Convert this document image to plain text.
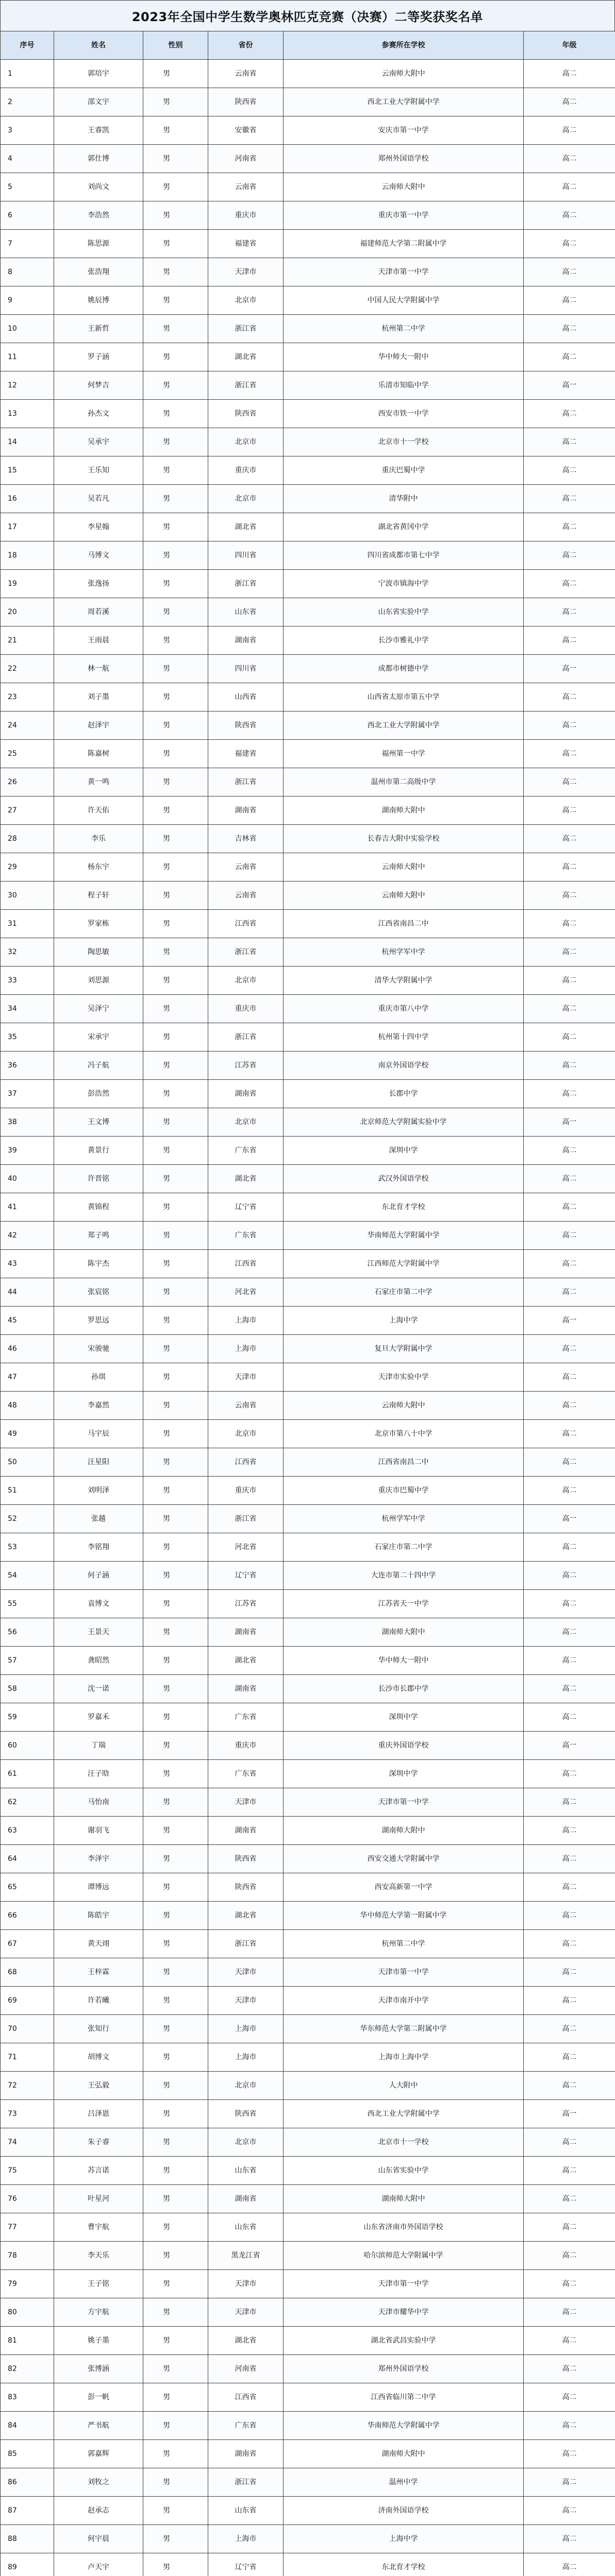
2023年全国中学生数学奥林匹克竞赛（决赛）二等奖获奖名单
序号	姓名	性别	省份	参赛所在学校	年级
1	郭培宇	男	云南省	云南师大附中	高二
2	邵文宇	男	陕西省	西北工业大学附属中学	高二
3	王睿凯	男	安徽省	安庆市第一中学	高二
4	郭仕博	男	河南省	郑州外国语学校	高二
5	刘尚文	男	云南省	云南师大附中	高二
6	李浩然	男	重庆市	重庆市第一中学	高二
7	陈思源	男	福建省	福建师范大学第二附属中学	高二
8	张浩翔	男	天津市	天津市第一中学	高二
9	姚辰博	男	北京市	中国人民大学附属中学	高二
10	王新哲	男	浙江省	杭州第二中学	高二
11	罗子涵	男	湖北省	华中师大一附中	高二
12	何梦吉	男	浙江省	乐清市知临中学	高一
13	孙杰文	男	陕西省	西安市铁一中学	高二
14	吴承宇	男	北京市	北京市十一学校	高二
15	王乐知	男	重庆市	重庆巴蜀中学	高二
16	吴若凡	男	北京市	清华附中	高二
17	李星翰	男	湖北省	湖北省黄冈中学	高二
18	马博文	男	四川省	四川省成都市第七中学	高二
19	张逸扬	男	浙江省	宁波市镇海中学	高二
20	周若溪	男	山东省	山东省实验中学	高二
21	王雨晨	男	湖南省	长沙市雅礼中学	高二
22	林一航	男	四川省	成都市树德中学	高一
23	刘子墨	男	山西省	山西省太原市第五中学	高二
24	赵泽宇	男	陕西省	西北工业大学附属中学	高二
25	陈嘉树	男	福建省	福州第一中学	高二
26	黄一鸣	男	浙江省	温州市第二高级中学	高二
27	许天佑	男	湖南省	湖南师大附中	高二
28	李乐	男	吉林省	长春吉大附中实验学校	高二
29	杨东宇	男	云南省	云南师大附中	高二
30	程子轩	男	云南省	云南师大附中	高二
31	罗家栋	男	江西省	江西省南昌二中	高二
32	陶思敏	男	浙江省	杭州学军中学	高二
33	刘思源	男	北京市	清华大学附属中学	高二
34	吴泽宁	男	重庆市	重庆市第八中学	高二
35	宋承宇	男	浙江省	杭州第十四中学	高二
36	冯子航	男	江苏省	南京外国语学校	高二
37	彭浩然	男	湖南省	长郡中学	高二
38	王文博	男	北京市	北京师范大学附属实验中学	高一
39	黄景行	男	广东省	深圳中学	高二
40	许晋铭	男	湖北省	武汉外国语学校	高二
41	黄锦程	男	辽宁省	东北育才学校	高二
42	郑子鸣	男	广东省	华南师范大学附属中学	高二
43	陈宇杰	男	江西省	江西师范大学附属中学	高二
44	张宸铭	男	河北省	石家庄市第二中学	高二
45	罗思远	男	上海市	上海中学	高一
46	宋骏驰	男	上海市	复旦大学附属中学	高二
47	孙琪	男	天津市	天津市实验中学	高二
48	李嘉然	男	云南省	云南师大附中	高二
49	马宇辰	男	北京市	北京市第八十中学	高二
50	汪星阳	男	江西省	江西省南昌二中	高二
51	刘明泽	男	重庆市	重庆市巴蜀中学	高二
52	张越	男	浙江省	杭州学军中学	高一
53	李铭翔	男	河北省	石家庄市第二中学	高二
54	何子涵	男	辽宁省	大连市第二十四中学	高二
55	袁博文	男	江苏省	江苏省天一中学	高二
56	王景天	男	湖南省	湖南师大附中	高二
57	龚昭然	男	湖北省	华中师大一附中	高二
58	沈一诺	男	湖南省	长沙市长郡中学	高二
59	罗嘉禾	男	广东省	深圳中学	高二
60	丁瑞	男	重庆市	重庆外国语学校	高一
61	汪子晗	男	广东省	深圳中学	高二
62	马怡南	男	天津市	天津市第一中学	高二
63	谢羽飞	男	湖南省	湖南师大附中	高二
64	李泽宇	男	陕西省	西安交通大学附属中学	高二
65	谭博远	男	陕西省	西安高新第一中学	高二
66	陈皓宇	男	湖北省	华中师范大学第一附属中学	高二
67	黄天翊	男	浙江省	杭州第二中学	高二
68	王梓霖	男	天津市	天津市第一中学	高二
69	许若曦	男	天津市	天津市南开中学	高二
70	张知行	男	上海市	华东师范大学第二附属中学	高二
71	胡博文	男	上海市	上海市上海中学	高二
72	王弘毅	男	北京市	人大附中	高二
73	吕泽恩	男	陕西省	西北工业大学附属中学	高一
74	朱子睿	男	北京市	北京市十一学校	高二
75	苏言诺	男	山东省	山东省实验中学	高二
76	叶星河	男	湖南省	湖南师大附中	高二
77	曹宇航	男	山东省	山东省济南市外国语学校	高二
78	李天乐	男	黑龙江省	哈尔滨师范大学附属中学	高二
79	王子铭	男	天津市	天津市第一中学	高二
80	方宇航	男	天津市	天津市耀华中学	高二
81	姚子墨	男	湖北省	湖北省武昌实验中学	高二
82	张博涵	男	河南省	郑州外国语学校	高二
83	彭一帆	男	江西省	江西省临川第二中学	高二
84	严书航	男	广东省	华南师范大学附属中学	高二
85	郭嘉辉	男	湖南省	湖南师大附中	高二
86	刘牧之	男	浙江省	温州中学	高二
87	赵承志	男	山东省	济南外国语学校	高二
88	何宇晨	男	上海市	上海中学	高二
89	卢天宇	男	辽宁省	东北育才学校	高二
